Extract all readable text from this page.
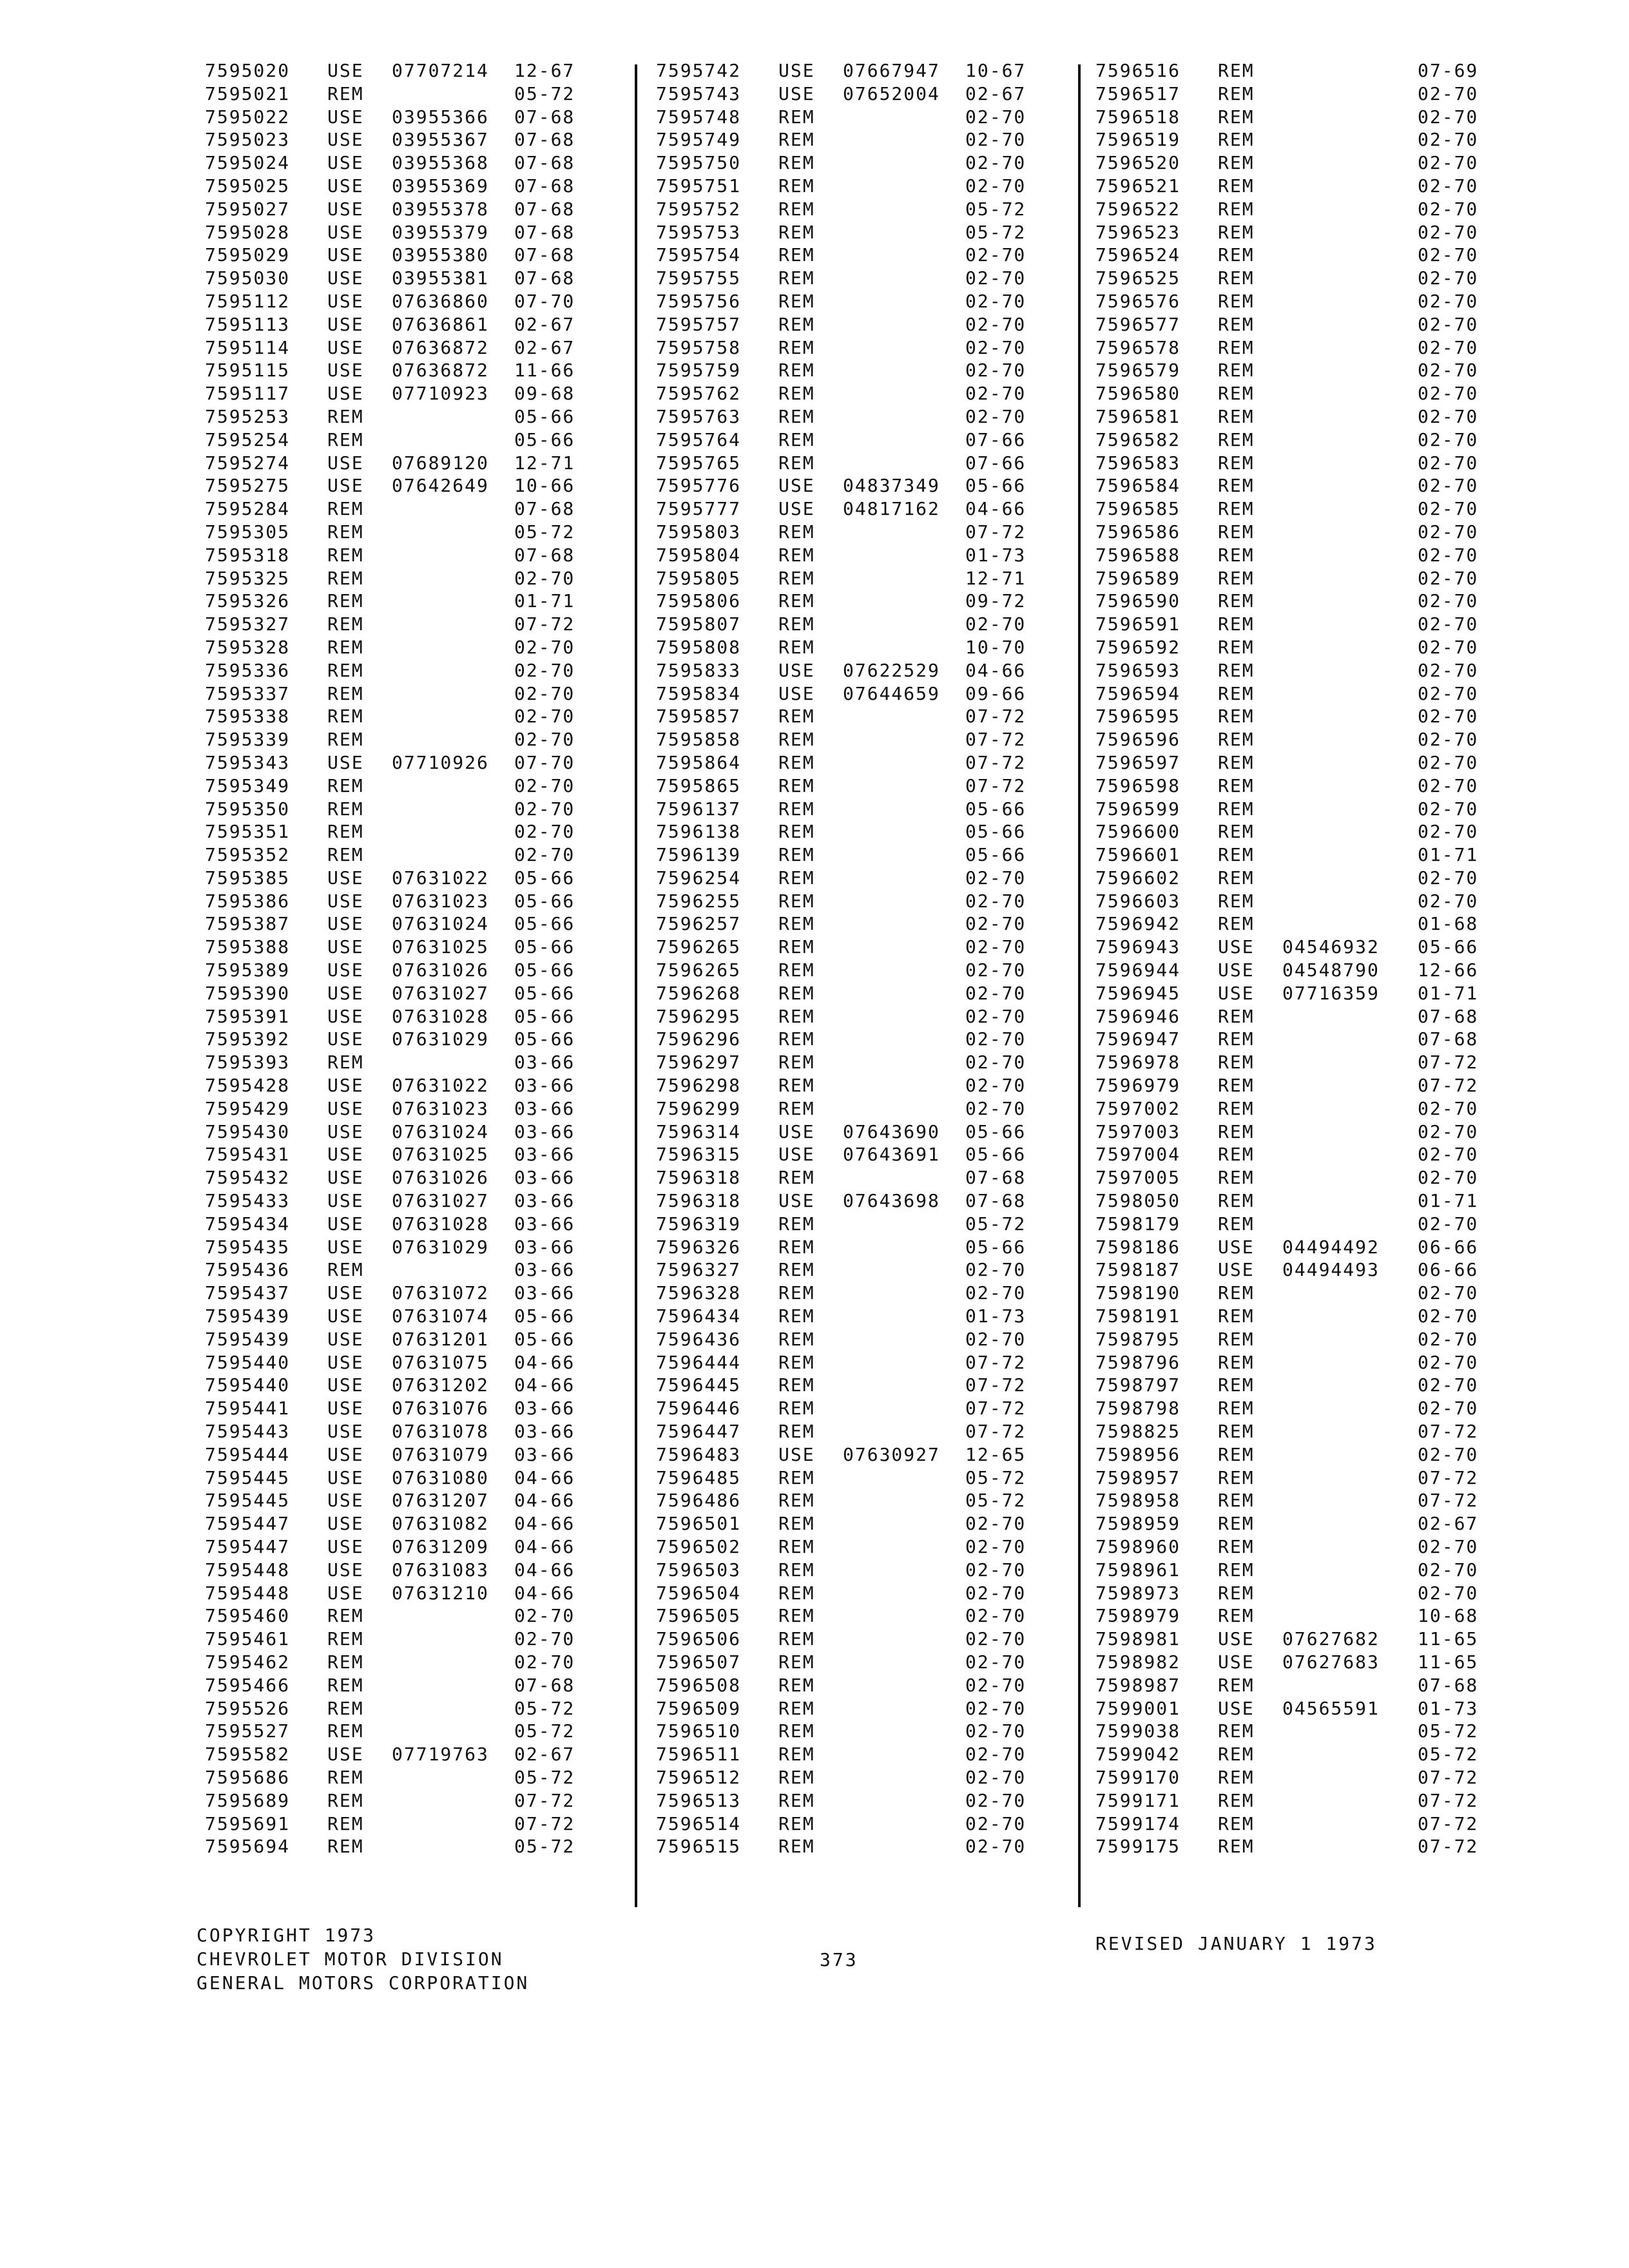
7595020 USE 07707214 12-67
7595021 REM	05-72
7595022 USE 03955366 07-68
7595023 USE 03955367 07-68
7595024 USE 03955368 07-68
7595025 USE 03955369 07-68
7595027 USE 03955378 07-68
7595028 USE 03955379 07-68
7595029 USE 03955380 07-68
7595030 USE 03955381 07-68
7595112 USE 07636860 07-70
7595113 USE 07636861 02-67
7595114 USE 07636872 02-67
7595115 USE 07636872 11-66
7595117 USE 07710923 09-68
7595253 REM	05-66
7595254 REM	05-66
7595274 USE 07689120 12-71
7595275 USE 07642649 10-66
7595284 REM	07-68
7595305 REM	05-72
7595318 REM	07-68
7595325 REM	02-70
7595326 REM	01-71
7595327 REM	07-72
7595328 REM	02-70
7595336 REM	02-70
7595337 REM	02-70
7595338 REM	02-70
7595339 REM	02-70
7595343 USE 07710926 07-70
7595349 REM	02-70
7595350 REM	02-70
7595351 REM	02-70
7595352 REM	02-70
7595385 USE 07631022 05-66
7595386 USE 07631023 05-66
7595387 USE 07631024 05-66
7595388 USE 07631025 05-66
7595389 USE 07631026 05-66
7595390 USE 07631027 05-66
7595391 USE 07631028 05-66
7595392 USE 07631029 05-66
7595393 REM	03-66
7595428 USE 07631022 03-66
7595429 USE 07631023 03-66
7595430 USE 07631024 03-66
7595431 USE 07631025 03-66
7595432 USE 07631026 03-66
7595433 USE 07631027 03-66
7595434 USE 07631028 03-66
7595435 USE 07631029 03-66
7595436 REM	03-66
7595437 USE 07631072 03-66
7595439 USE 07631074 05-66
7595439 USE 07631201 05-66
7595440 USE 07631075 04-66
7595440 USE 07631202 04-66
7595441 USE 07631076 03-66
7595443 USE 07631078 03-66
7595444 USE 07631079 03-66
7595445 USE 07631080 04-66
7595445 USE 07631207 04-66
7595447 USE 07631082 04-66
7595447 USE 07631209 04-66
7595448 USE 07631083 04-66
7595448 USE 07631210 04-66
7595460 REM	02-70
7595461 REM	02-70
7595462 REM	02-70
7595466 REM	07-68
7595526 REM	05-72
7595527 REM	05-72
7595582 USE 07719763 02-67
7595686 REM	05-72
7595689 REM	07-72
7595691 REM	07-72
7595694 REM	05-72
7595742 USE 07667947 10-67
7595743 USE 07652004 02-67
7595748 REM	02-70
7595749 REM	02-70
7595750 REM	02-70
7595751 REM	02-70
7595752 REM	05-72
7595753 REM	05-72
7595754 REM	02-70
7595755 REM	02-70
7595756 REM	02-70
7595757 REM	02-70
7595758 REM	02-70
7595759 REM	02-70
7595762 REM	02-70
7595763 REM	02-70
7595764 REM	07-66
7595765 REM	07-66
7595776 USE 04837349 05-66
7595777 USE 04817162 04-66
7595803 REM	07-72
7595804 REM	01-73
7595805 REM	12-71
7595806 REM	09-72
7595807 REM	02-70
7595808 REM	10-70
7595833 USE 07622529 04-66
7595834 USE 07644659 09-66
7595857 REM	07-72
7595858 REM	07-72
7595864 REM	07-72
7595865 REM	07-72
7596137 REM	05-66
7596138 REM	05-66
7596139 REM	05-66
7596254 REM	02-70
7596255 REM	02-70
7596257 REM	02-70
7596265 REM	02-70
7596265 REM	02-70
7596268 REM	02-70
7596295 REM	02-70
7596296 REM	02-70
7596297 REM	02-70
7596298 REM	02-70
7596299 REM	02-70
7596314 USE 07643690 05-66
7596315 USE 07643691 05-66
7596318 REM	07-68
7596318 USE 07643698 07-68
7596319 REM	05-72
7596326 REM	05-66
7596327 REM	02-70
7596328 REM	02-70
7596434 REM	01-73
7596436 REM	02-70
7596444 REM	07-72
7596445 REM	07-72
7596446 REM	07-72
7596447 REM	07-72
7596483 USE 07630927 12-65
7596485 REM	05-72
7596486 REM	05-72
7596501 REM	02-70
7596502 REM	02-70
7596503 REM	02-70
7596504 REM	02-70
7596505 REM	02-70
7596506 REM	02-70
7596507 REM	02-70
7596508 REM	02-70
7596509 REM	02-70
7596510 REM	02-70
7596511 REM	02-70
7596512 REM	02-70
7596513 REM	02-70
7596514 REM	02-70
7596515 REM	02-70
7596516 REM	07-69
7596517 REM	02-70
7596518 REM	02-70
7596519 REM	02-70
7596520 REM	02-70
7596521 REM	02-70
7596522 REM	02-70
7596523 REM	02-70
7596524 REM	02-70
7596525 REM	02-70
7596576 REM	02-70
7596577 REM	02-70
7596578 REM	02-70
7596579 REM	02-70
7596580 REM	02-70
7596581 REM	02-70
7596582 REM	02-70
7596583 REM	02-70
7596584 REM	02-70
7596585 REM	02-70
7596586 REM	02-70
7596588 REM	02-70
7596589 REM	02-70
7596590 REM	02-70
7596591 REM	02-70
7596592 REM	02-70
7596593 REM	02-70
7596594 REM	02-70
7596595 REM	02-70
7596596 REM	02-70
7596597 REM	02-70
7596598 REM	02-70
7596599 REM	02-70
7596600 REM	02-70
7596601 REM	01-71
7596602 REM	02-70
7596603 REM	02-70
7596942 REM	01-68
7596943 USE 04546932 05-66
7596944 USE 04548790 12-66
7596945 USE 07716359 01-71
7596946 REM	07-68
7596947 REM	07-68
7596978 REM	07-72
7596979 REM	07-72
7597002 REM	02-70
7597003 REM	02-70
7597004 REM	02-70
7597005 REM	02-70
7598050 REM	01-71
7598179 REM	02-70
7598186 USE 04494492 06-66
7598187 USE 04494493 06-66
7598190 REM	02-70
7598191 REM	02-70
7598795 REM	02-70
7598796 REM	02-70
7598797 REM	02-70
7598798 REM	02-70
7598825 REM	07-72
7598956 REM	02-70
7598957 REM	07-72
7598958 REM	07-72
7598959 REM	02-67
7598960 REM	02-70
7598961 REM	02-70
7598973 REM	02-70
7598979 REM	10-68
7598981 USE 07627682 11-65
7598982 USE 07627683 11-65
7598987 REM	07-68
7599001 USE 04565591 01-73
7599038 REM	05-72
7599042 REM	05-72
7599170 REM	07-72
7599171 REM	07-72
7599174 REM	07-72
7599175 REM	07-72
COPYRIGHT 1973
CHEVROLET MOTOR DIVISION
GENERAL MOTORS CORPORATION
373
REVISED JANUARY 1 1973
